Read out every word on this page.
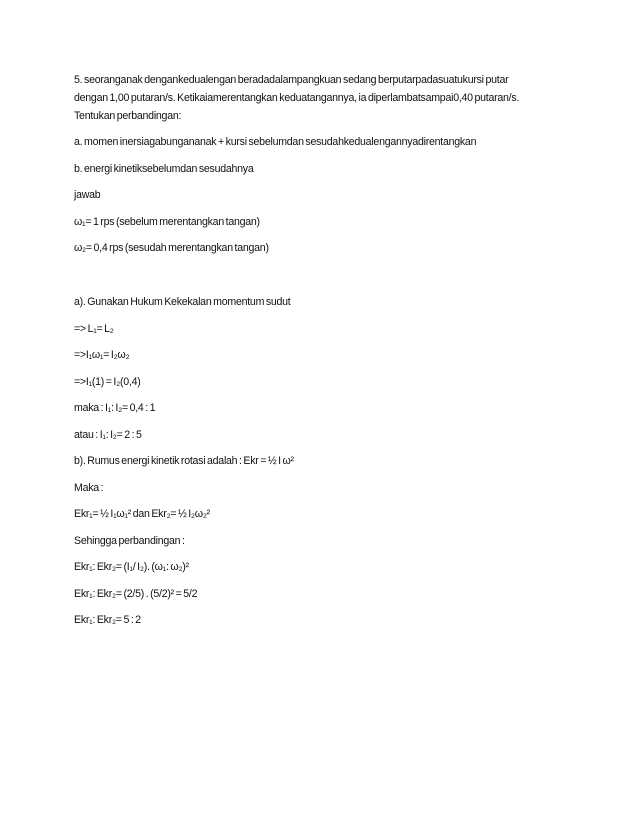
5. seoranganak dengankedualengan beradadalampangkuan sedang berputarpadasuatukursi putar

dengan 1,00 putaran/s. Ketikaiamerentangkan keduatangannya, ia diperlambatsampai0,40 putaran/s.

Tentukan perbandingan:

a. momen inersiagabungananak + kursi sebelumdan sesudahkedualengannyadirentangkan

b. energi kinetiksebelumdan sesudahnya

jawab

ω₁= 1 rps (sebelum merentangkan tangan)

ω₂= 0,4 rps (sesudah merentangkan tangan)

a). Gunakan Hukum Kekekalan momentum sudut

=> L₁= L₂

=>I₁ω₁= I₂ω₂

=>I₁(1) = I₂(0,4)

maka : I₁: I₂= 0,4 : 1

atau : I₁: I₂= 2 : 5

b). Rumus energi kinetik rotasi adalah : Ekr = ½ I ω²

Maka :

Ekr₁= ½ I₁ω₁² dan Ekr₂= ½ I₂ω₂²

Sehingga perbandingan :

Ekr₁: Ekr₂= (I₁/ I₂). (ω₁: ω₂)²

Ekr₁: Ekr₂= (2/5) . (5/2)² = 5/2

Ekr₁: Ekr₂= 5 : 2
